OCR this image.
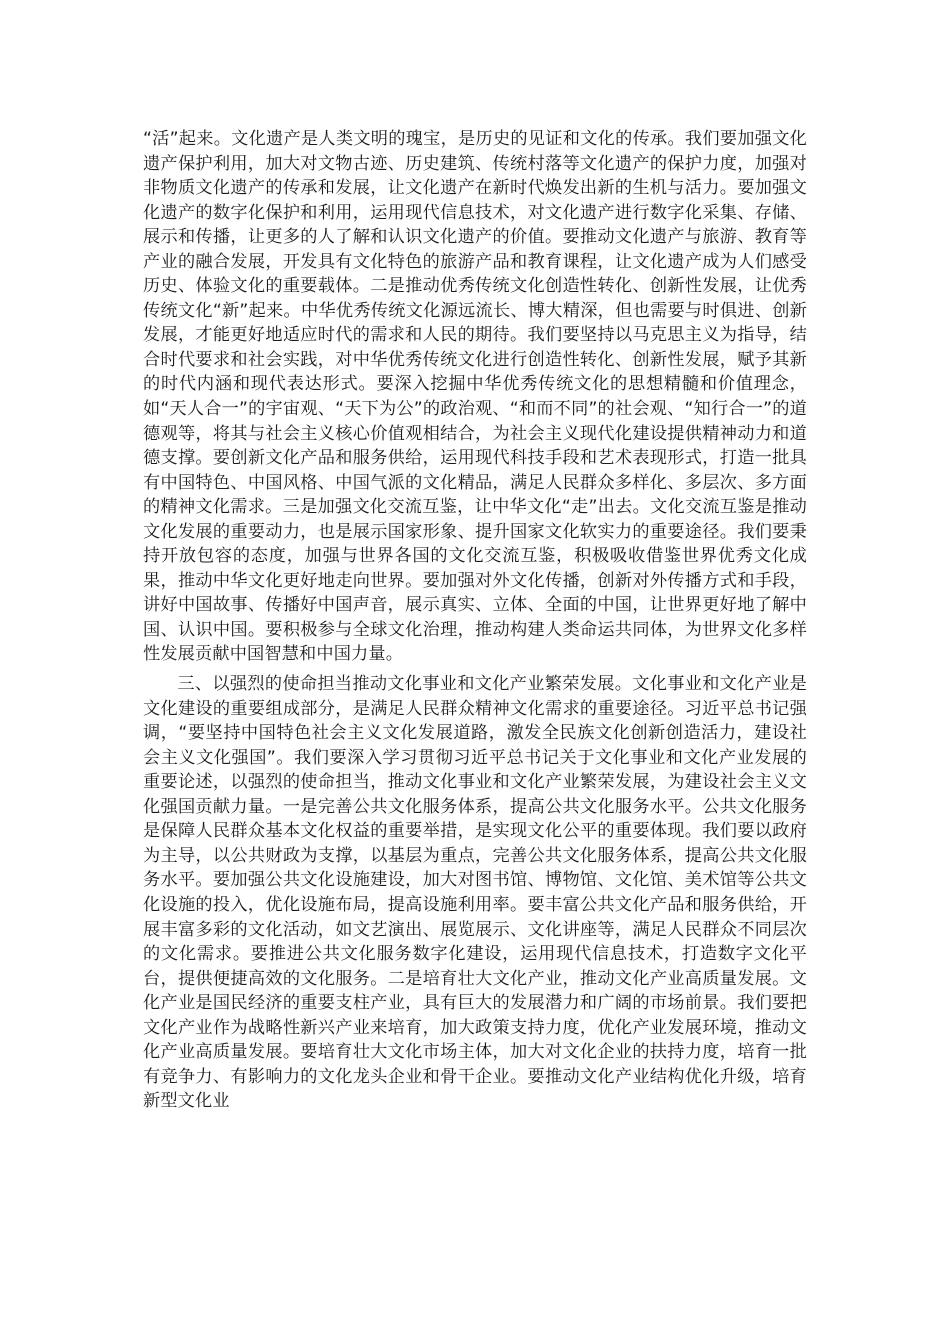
“活”起来。文化遗产是人类文明的瑰宝，是历史的见证和文化的传承。我们要加强文化遗产保护利用，加大对文物古迹、历史建筑、传统村落等文化遗产的保护力度，加强对非物质文化遗产的传承和发展，让文化遗产在新时代焕发出新的生机与活力。要加强文化遗产的数字化保护和利用，运用现代信息技术，对文化遗产进行数字化采集、存储、展示和传播，让更多的人了解和认识文化遗产的价值。要推动文化遗产与旅游、教育等产业的融合发展，开发具有文化特色的旅游产品和教育课程，让文化遗产成为人们感受历史、体验文化的重要载体。二是推动优秀传统文化创造性转化、创新性发展，让优秀传统文化“新”起来。中华优秀传统文化源远流长、博大精深，但也需要与时俱进、创新发展，才能更好地适应时代的需求和人民的期待。我们要坚持以马克思主义为指导，结合时代要求和社会实践，对中华优秀传统文化进行创造性转化、创新性发展，赋予其新的时代内涵和现代表达形式。要深入挖掘中华优秀传统文化的思想精髓和价值理念，如“天人合一”的宇宙观、“天下为公”的政治观、“和而不同”的社会观、“知行合一”的道德观等，将其与社会主义核心价值观相结合，为社会主义现代化建设提供精神动力和道德支撑。要创新文化产品和服务供给，运用现代科技手段和艺术表现形式，打造一批具有中国特色、中国风格、中国气派的文化精品，满足人民群众多样化、多层次、多方面的精神文化需求。三是加强文化交流互鉴，让中华文化“走”出去。文化交流互鉴是推动文化发展的重要动力，也是展示国家形象、提升国家文化软实力的重要途径。我们要秉持开放包容的态度，加强与世界各国的文化交流互鉴，积极吸收借鉴世界优秀文化成果，推动中华文化更好地走向世界。要加强对外文化传播，创新对外传播方式和手段，讲好中国故事、传播好中国声音，展示真实、立体、全面的中国，让世界更好地了解中国、认识中国。要积极参与全球文化治理，推动构建人类命运共同体，为世界文化多样性发展贡献中国智慧和中国力量。

三、以强烈的使命担当推动文化事业和文化产业繁荣发展。文化事业和文化产业是文化建设的重要组成部分，是满足人民群众精神文化需求的重要途径。习近平总书记强调，“要坚持中国特色社会主义文化发展道路，激发全民族文化创新创造活力，建设社会主义文化强国”。我们要深入学习贯彻习近平总书记关于文化事业和文化产业发展的重要论述，以强烈的使命担当，推动文化事业和文化产业繁荣发展，为建设社会主义文化强国贡献力量。一是完善公共文化服务体系，提高公共文化服务水平。公共文化服务是保障人民群众基本文化权益的重要举措，是实现文化公平的重要体现。我们要以政府为主导，以公共财政为支撑，以基层为重点，完善公共文化服务体系，提高公共文化服务水平。要加强公共文化设施建设，加大对图书馆、博物馆、文化馆、美术馆等公共文化设施的投入，优化设施布局，提高设施利用率。要丰富公共文化产品和服务供给，开展丰富多彩的文化活动，如文艺演出、展览展示、文化讲座等，满足人民群众不同层次的文化需求。要推进公共文化服务数字化建设，运用现代信息技术，打造数字文化平台，提供便捷高效的文化服务。二是培育壮大文化产业，推动文化产业高质量发展。文化产业是国民经济的重要支柱产业，具有巨大的发展潜力和广阔的市场前景。我们要把文化产业作为战略性新兴产业来培育，加大政策支持力度，优化产业发展环境，推动文化产业高质量发展。要培育壮大文化市场主体，加大对文化企业的扶持力度，培育一批有竞争力、有影响力的文化龙头企业和骨干企业。要推动文化产业结构优化升级，培育新型文化业
